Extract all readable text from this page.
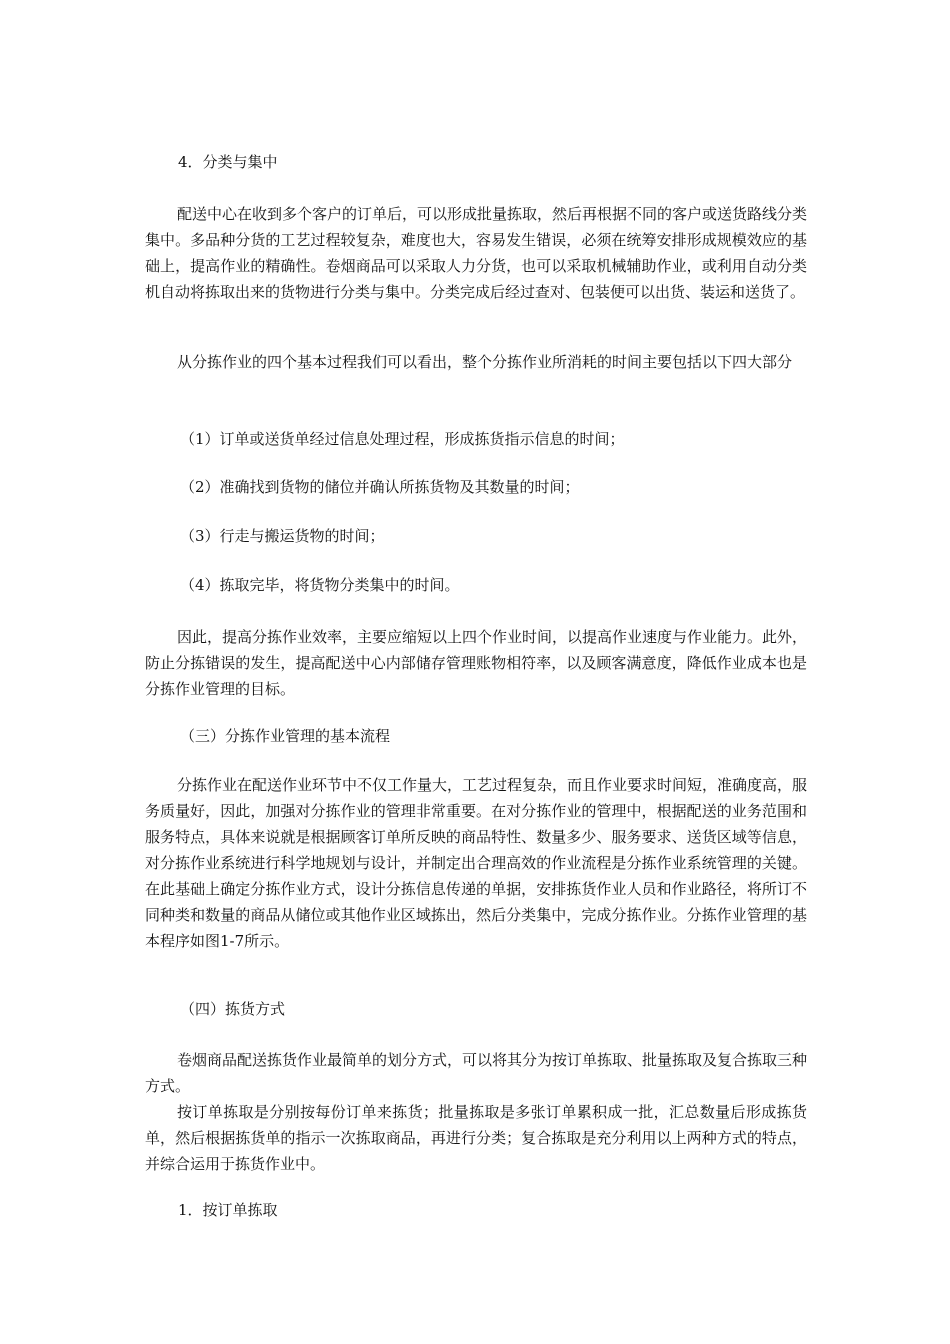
4．分类与集中

配送中心在收到多个客户的订单后，可以形成批量拣取，然后再根据不同的客户或送货路线分类集中。多品种分货的工艺过程较复杂，难度也大，容易发生错误，必须在统筹安排形成规模效应的基础上，提高作业的精确性。卷烟商品可以采取人力分货，也可以采取机械辅助作业，或利用自动分类机自动将拣取出来的货物进行分类与集中。分类完成后经过查对、包装便可以出货、装运和送货了。

从分拣作业的四个基本过程我们可以看出，整个分拣作业所消耗的时间主要包括以下四大部分

（1）订单或送货单经过信息处理过程，形成拣货指示信息的时间；

（2）准确找到货物的储位并确认所拣货物及其数量的时间；

（3）行走与搬运货物的时间；

（4）拣取完毕，将货物分类集中的时间。

因此，提高分拣作业效率，主要应缩短以上四个作业时间，以提高作业速度与作业能力。此外，防止分拣错误的发生，提高配送中心内部储存管理账物相符率，以及顾客满意度，降低作业成本也是分拣作业管理的目标。

（三）分拣作业管理的基本流程

分拣作业在配送作业环节中不仅工作量大，工艺过程复杂，而且作业要求时间短，准确度高，服务质量好，因此，加强对分拣作业的管理非常重要。在对分拣作业的管理中，根据配送的业务范围和服务特点，具体来说就是根据顾客订单所反映的商品特性、数量多少、服务要求、送货区域等信息，对分拣作业系统进行科学地规划与设计，并制定出合理高效的作业流程是分拣作业系统管理的关键。在此基础上确定分拣作业方式，设计分拣信息传递的单据，安排拣货作业人员和作业路径，将所订不同种类和数量的商品从储位或其他作业区域拣出，然后分类集中，完成分拣作业。分拣作业管理的基本程序如图1-7所示。

（四）拣货方式

卷烟商品配送拣货作业最简单的划分方式，可以将其分为按订单拣取、批量拣取及复合拣取三种方式。

按订单拣取是分别按每份订单来拣货；批量拣取是多张订单累积成一批，汇总数量后形成拣货单，然后根据拣货单的指示一次拣取商品，再进行分类；复合拣取是充分利用以上两种方式的特点，并综合运用于拣货作业中。

1．按订单拣取
